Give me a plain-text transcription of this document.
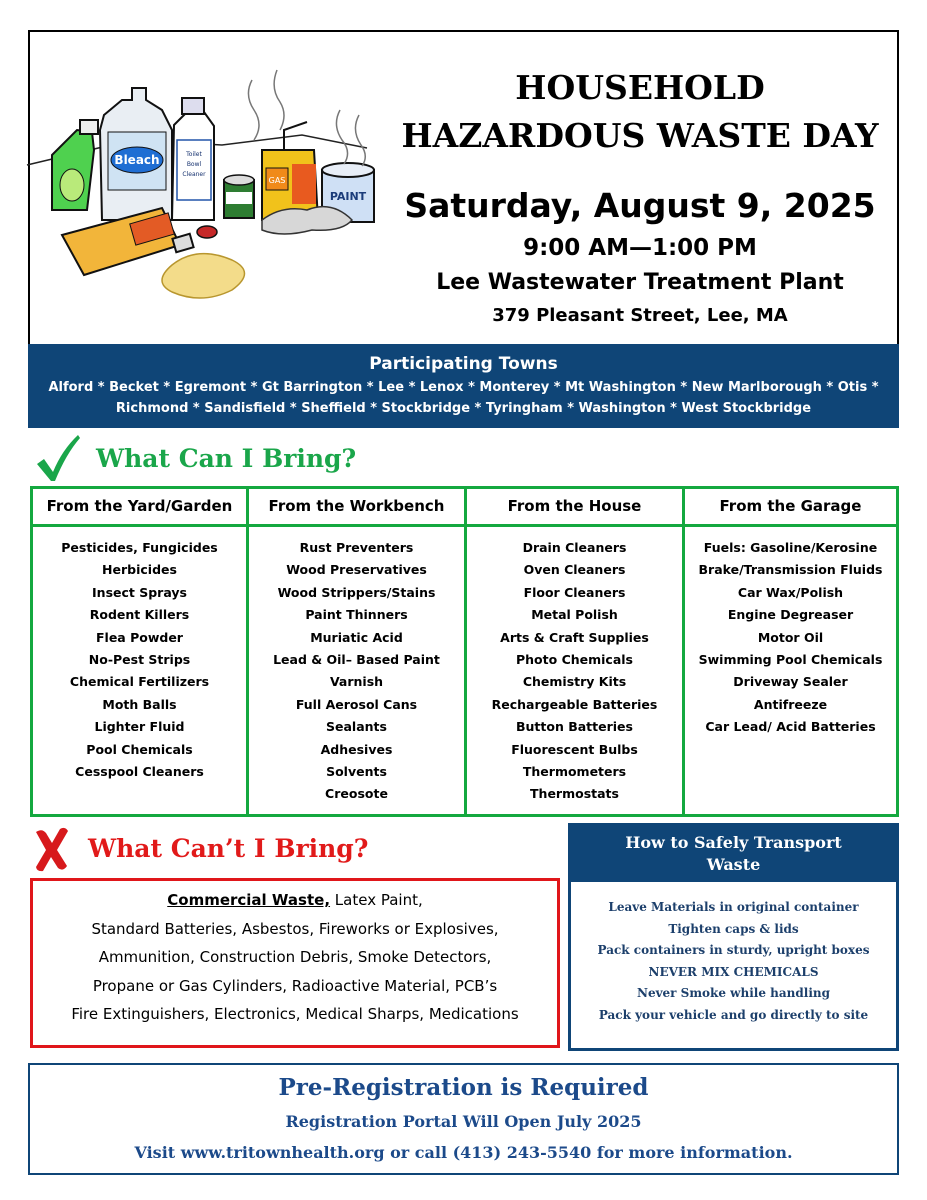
Bleach	Toilet
Bowl
Cleaner
GAS
PAINT
HOUSEHOLD
HAZARDOUS WASTE DAY
Saturday, August 9, 2025
9:00 AM—1:00 PM
Lee Wastewater Treatment Plant
379 Pleasant Street, Lee, MA
Participating Towns
Alford * Becket * Egremont * Gt Barrington * Lee * Lenox * Monterey * Mt Washington * New Marlborough * Otis *
Richmond * Sandisfield * Sheffield * Stockbridge * Tyringham * Washington * West Stockbridge
What Can I Bring?
From the Yard/Garden
Pesticides, Fungicides
Herbicides
Insect Sprays
Rodent Killers
Flea Powder
No-Pest Strips
Chemical Fertilizers
Moth Balls
Lighter Fluid
Pool Chemicals
Cesspool Cleaners
From the Workbench
Rust Preventers
Wood Preservatives
Wood Strippers/Stains
Paint Thinners
Muriatic Acid
Lead & Oil– Based Paint
Varnish
Full Aerosol Cans
Sealants
Adhesives
Solvents
Creosote
From the House
Drain Cleaners
Oven Cleaners
Floor Cleaners
Metal Polish
Arts & Craft Supplies
Photo Chemicals
Chemistry Kits
Rechargeable Batteries
Button Batteries
Fluorescent Bulbs
Thermometers
Thermostats
From the Garage
Fuels: Gasoline/Kerosine
Brake/Transmission Fluids
Car Wax/Polish
Engine Degreaser
Motor Oil
Swimming Pool Chemicals
Driveway Sealer
Antifreeze
Car Lead/ Acid Batteries
What Can’t I Bring?
Commercial Waste, Latex Paint,
Standard Batteries, Asbestos, Fireworks or Explosives,
Ammunition, Construction Debris, Smoke Detectors,
Propane or Gas Cylinders, Radioactive Material, PCB’s
Fire Extinguishers, Electronics, Medical Sharps, Medications
How to Safely Transport
Waste
Leave Materials in original container
Tighten caps & lids
Pack containers in sturdy, upright boxes
NEVER MIX CHEMICALS
Never Smoke while handling
Pack your vehicle and go directly to site
Pre-Registration is Required
Registration Portal Will Open July 2025
Visit www.tritownhealth.org or call (413) 243-5540 for more information.
